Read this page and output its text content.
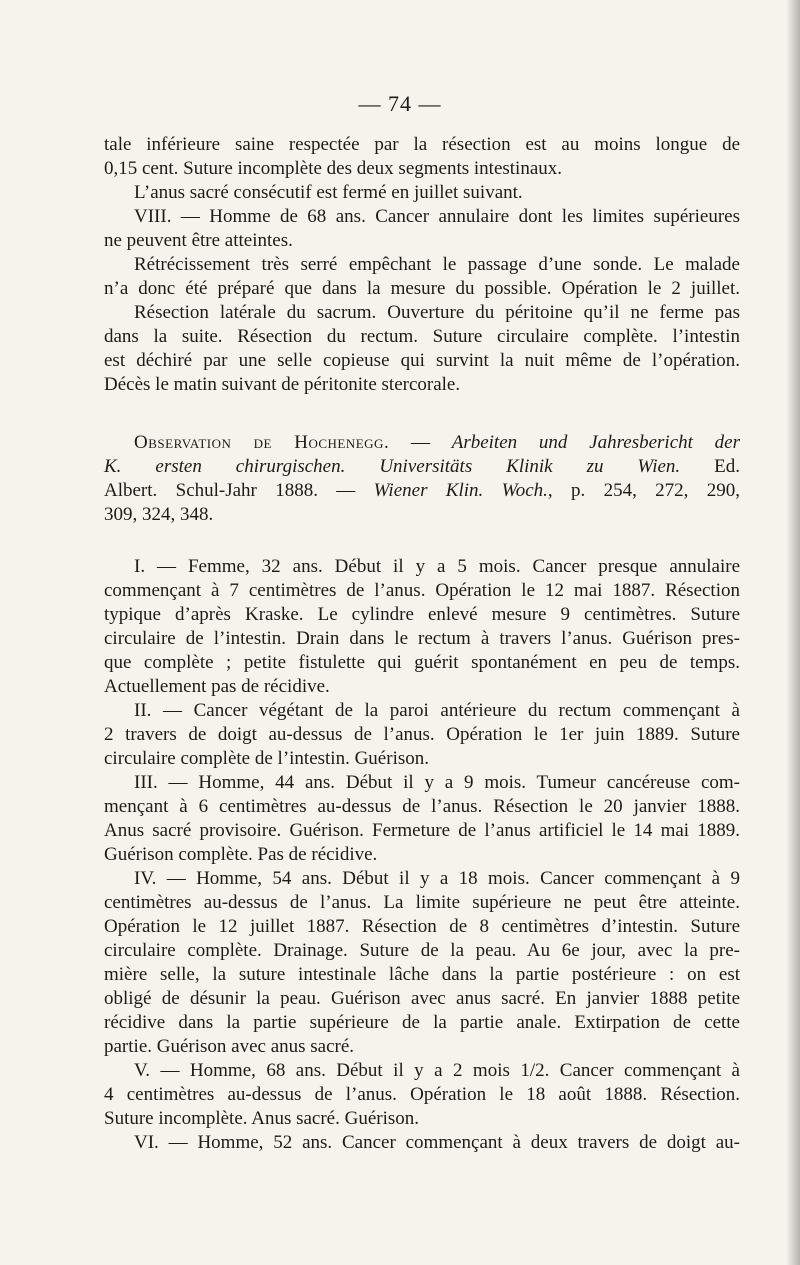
— 74 —
tale inférieure saine respectée par la résection est au moins longue de
0,15 cent. Suture incomplète des deux segments intestinaux.
L’anus sacré consécutif est fermé en juillet suivant.
VIII. — Homme de 68 ans. Cancer annulaire dont les limites supérieures
ne peuvent être atteintes.
Rétrécissement très serré empêchant le passage d’une sonde. Le malade
n’a donc été préparé que dans la mesure du possible. Opération le 2 juillet.
Résection latérale du sacrum. Ouverture du péritoine qu’il ne ferme pas
dans la suite. Résection du rectum. Suture circulaire complète. l’intestin
est déchiré par une selle copieuse qui survint la nuit même de l’opération.
Décès le matin suivant de péritonite stercorale.
Observation de Hochenegg. — Arbeiten und Jahresbericht der
K. ersten chirurgischen. Universitäts Klinik zu Wien. Ed.
Albert. Schul-Jahr 1888. — Wiener Klin. Woch., p. 254, 272, 290,
309, 324, 348.
I. — Femme, 32 ans. Début il y a 5 mois. Cancer presque annulaire
commençant à 7 centimètres de l’anus. Opération le 12 mai 1887. Résection
typique d’après Kraske. Le cylindre enlevé mesure 9 centimètres. Suture
circulaire de l’intestin. Drain dans le rectum à travers l’anus. Guérison pres-
que complète ; petite fistulette qui guérit spontanément en peu de temps.
Actuellement pas de récidive.
II. — Cancer végétant de la paroi antérieure du rectum commençant à
2 travers de doigt au-dessus de l’anus. Opération le 1er juin 1889. Suture
circulaire complète de l’intestin. Guérison.
III. — Homme, 44 ans. Début il y a 9 mois. Tumeur cancéreuse com-
mençant à 6 centimètres au-dessus de l’anus. Résection le 20 janvier 1888.
Anus sacré provisoire. Guérison. Fermeture de l’anus artificiel le 14 mai 1889.
Guérison complète. Pas de récidive.
IV. — Homme, 54 ans. Début il y a 18 mois. Cancer commençant à 9
centimètres au-dessus de l’anus. La limite supérieure ne peut être atteinte.
Opération le 12 juillet 1887. Résection de 8 centimètres d’intestin. Suture
circulaire complète. Drainage. Suture de la peau. Au 6e jour, avec la pre-
mière selle, la suture intestinale lâche dans la partie postérieure : on est
obligé de désunir la peau. Guérison avec anus sacré. En janvier 1888 petite
récidive dans la partie supérieure de la partie anale. Extirpation de cette
partie. Guérison avec anus sacré.
V. — Homme, 68 ans. Début il y a 2 mois 1/2. Cancer commençant à
4 centimètres au-dessus de l’anus. Opération le 18 août 1888. Résection.
Suture incomplète. Anus sacré. Guérison.
VI. — Homme, 52 ans. Cancer commençant à deux travers de doigt au-
